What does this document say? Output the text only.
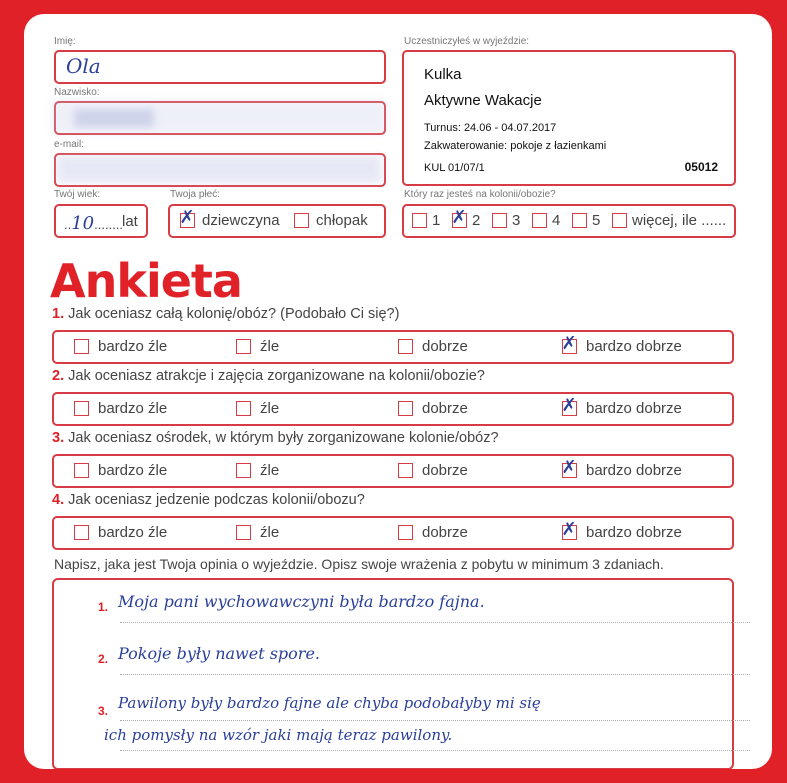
Imię:
Ola
Nazwisko:
e-mail:
Twój wiek:
..10........
lat
Twoja płeć:
✗ dziewczyna chłopak
Uczestniczyłeś w wyjeździe:
Kulka
Aktywne Wakacje
Turnus: 24.06 - 04.07.2017
Zakwaterowanie: pokoje z łazienkami
KUL 01/07/1	05012
Który raz jesteś na kolonii/obozie?
1 ✗ 2 3 4 5 więcej, ile ......
Ankieta
1. Jak oceniasz całą kolonię/obóz? (Podobało Ci się?)
bardzo źle	źle	dobrze	✗ bardzo dobrze
2. Jak oceniasz atrakcje i zajęcia zorganizowane na kolonii/obozie?
bardzo źle	źle	dobrze	✗ bardzo dobrze
3. Jak oceniasz ośrodek, w którym były zorganizowane kolonie/obóz?
bardzo źle	źle	dobrze	✗ bardzo dobrze
4. Jak oceniasz jedzenie podczas kolonii/obozu?
bardzo źle	źle	dobrze	✗ bardzo dobrze
Napisz, jaka jest Twoja opinia o wyjeździe. Opisz swoje wrażenia z pobytu w minimum 3 zdaniach.
1. Moja pani wychowawczyni była bardzo fajna.
2. Pokoje były nawet spore.
3. Pawilony były bardzo fajne ale chyba podobałyby mi się
ich pomysły na wzór jaki mają teraz pawilony.
